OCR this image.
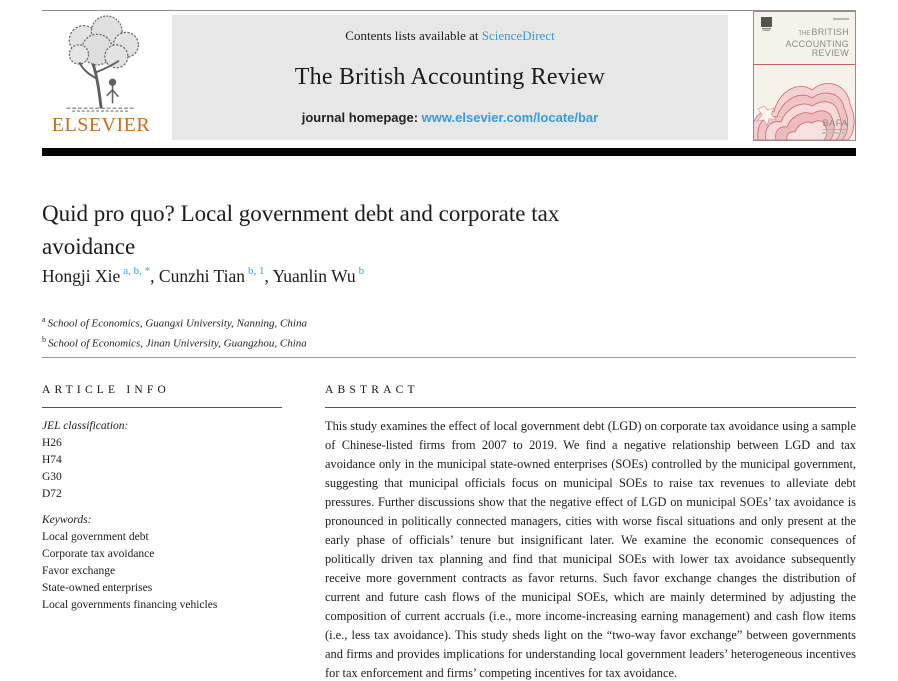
ELSEVIER
Contents lists available at ScienceDirect
The British Accounting Review
journal homepage: www.elsevier.com/locate/bar
THEBRITISH
ACCOUNTING
REVIEW
BAFA
Quid pro quo? Local government debt and corporate tax avoidance
Hongji Xie $^{a, b, *}$, Cunzhi Tian $^{b, 1}$, Yuanlin Wu $^b$
$^a$ School of Economics, Guangxi University, Nanning, China
$^b$ School of Economics, Jinan University, Guangzhou, China
ARTICLE INFO
JEL classification:
H26
H74
G30
D72
Keywords:
Local government debt
Corporate tax avoidance
Favor exchange
State-owned enterprises
Local governments financing vehicles
ABSTRACT

This study examines the effect of local government debt (LGD) on corporate tax avoidance using a sample of Chinese-listed firms from 2007 to 2019. We find a negative relationship between LGD and tax avoidance only in the municipal state-owned enterprises (SOEs) controlled by the municipal government, suggesting that municipal officials focus on municipal SOEs to raise tax revenues to alleviate debt pressures. Further discussions show that the negative effect of LGD on municipal SOEs’ tax avoidance is pronounced in politically connected managers, cities with worse fiscal situations and only present at the early phase of officials’ tenure but insignificant later. We examine the economic consequences of politically driven tax planning and find that municipal SOEs with lower tax avoidance subsequently receive more government contracts as favor returns. Such favor exchange changes the distribution of current and future cash flows of the municipal SOEs, which are mainly determined by adjusting the composition of current accruals (i.e., more income-increasing earning management) and cash flow items (i.e., less tax avoidance). This study sheds light on the “two-way favor exchange” between governments and firms and provides implications for understanding local government leaders’ heterogeneous incentives for tax enforcement and firms’ competing incentives for tax avoidance.
